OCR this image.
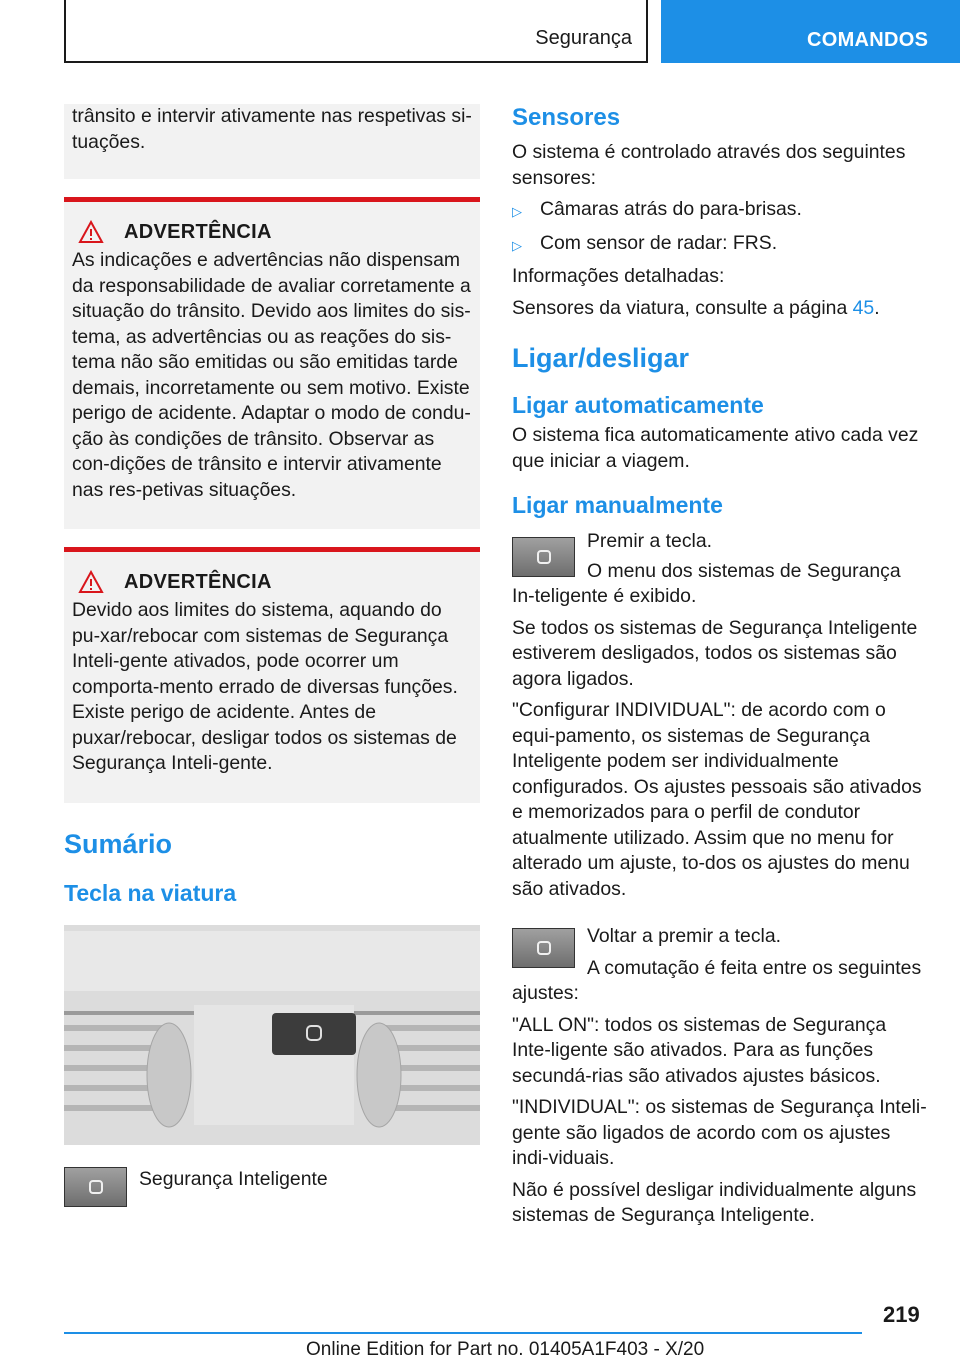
Segurança	COMANDOS

trânsito e intervir ativamente nas respetivas si-tuações.

ADVERTÊNCIA

As indicações e advertências não dispensam da responsabilidade de avaliar corretamente a situação do trânsito. Devido aos limites do sis-tema, as advertências ou as reações do sis-tema não são emitidas ou são emitidas tarde demais, incorretamente ou sem motivo. Existe perigo de acidente. Adaptar o modo de condu-ção às condições de trânsito. Observar as con-dições de trânsito e intervir ativamente nas res-petivas situações.

ADVERTÊNCIA

Devido aos limites do sistema, aquando do pu-xar/rebocar com sistemas de Segurança Inteli-gente ativados, pode ocorrer um comporta-mento errado de diversas funções. Existe perigo de acidente. Antes de puxar/rebocar, desligar todos os sistemas de Segurança Inteli-gente.

Sumário

Tecla na viatura

Segurança Inteligente

Sensores

O sistema é controlado através dos seguintes sensores:

▷ Câmaras atrás do para-brisas.
▷ Com sensor de radar: FRS.

Informações detalhadas:

Sensores da viatura, consulte a página 45.

Ligar/desligar

Ligar automaticamente

O sistema fica automaticamente ativo cada vez que iniciar a viagem.

Ligar manualmente

Premir a tecla.

O menu dos sistemas de Segurança In-teligente é exibido.

Se todos os sistemas de Segurança Inteligente estiverem desligados, todos os sistemas são agora ligados.

"Configurar INDIVIDUAL": de acordo com o equi-pamento, os sistemas de Segurança Inteligente podem ser individualmente configurados. Os ajustes pessoais são ativados e memorizados para o perfil de condutor atualmente utilizado. Assim que no menu for alterado um ajuste, to-dos os ajustes do menu são ativados.

Voltar a premir a tecla.

A comutação é feita entre os seguintes ajustes:

"ALL ON": todos os sistemas de Segurança Inte-ligente são ativados. Para as funções secundá-rias são ativados ajustes básicos.

"INDIVIDUAL": os sistemas de Segurança Inteli-gente são ligados de acordo com os ajustes indi-viduais.

Não é possível desligar individualmente alguns sistemas de Segurança Inteligente.

219
Online Edition for Part no. 01405A1F403 - X/20
